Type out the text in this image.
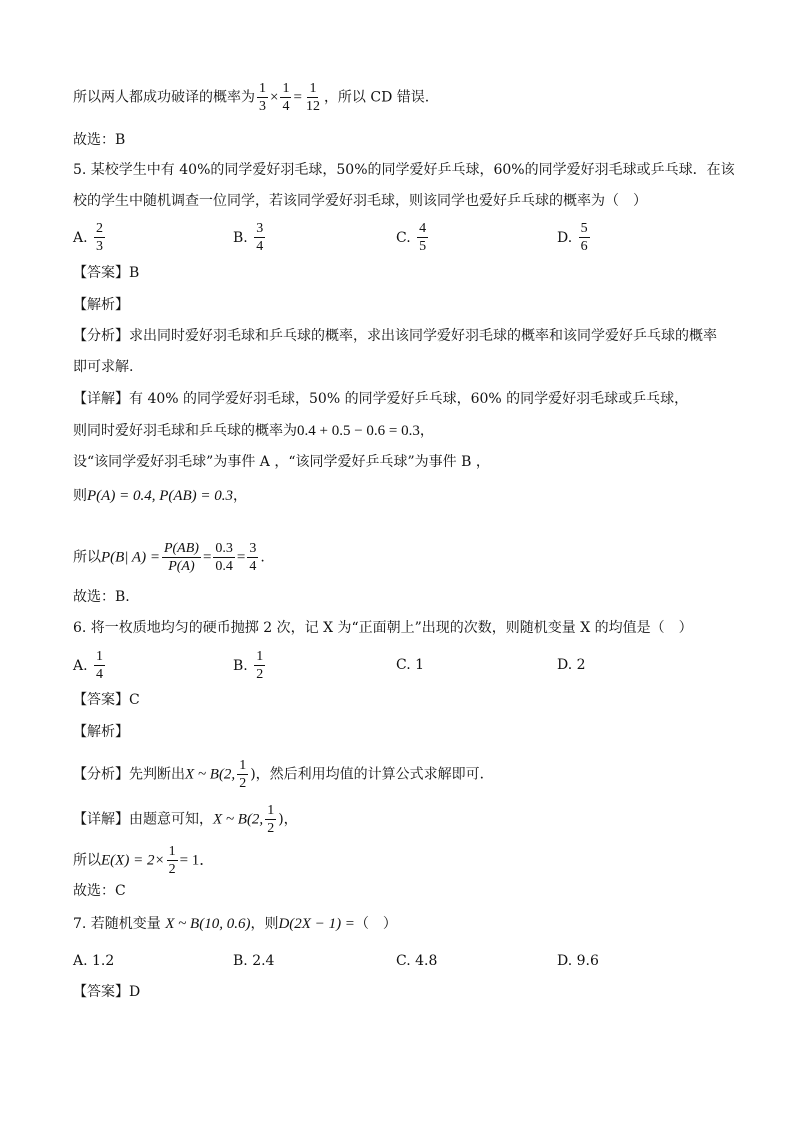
所以两人都成功破译的概率为 $\frac{1}{3} \times \frac{1}{4} = \frac{1}{12}$ ，所以 CD 错误.
故选：B
5. 某校学生中有 40%的同学爱好羽毛球，50%的同学爱好乒乓球，60%的同学爱好羽毛球或乒乓球．在该
校的学生中随机调查一位同学，若该同学爱好羽毛球，则该同学也爱好乒乓球的概率为（　）
A. $\frac{2}{3}$	B. $\frac{3}{4}$	C. $\frac{4}{5}$	D. $\frac{5}{6}$
【答案】B
【解析】
【分析】求出同时爱好羽毛球和乒乓球的概率，求出该同学爱好羽毛球的概率和该同学爱好乒乓球的概率
即可求解.
【详解】有 40% 的同学爱好羽毛球，50% 的同学爱好乒乓球，60% 的同学爱好羽毛球或乒乓球，
则同时爱好羽毛球和乒乓球的概率为0.4 + 0.5 − 0.6 = 0.3，
设“该同学爱好羽毛球”为事件 A ，“该同学爱好乒乓球”为事件 B ，
则P(A) = 0.4, P(AB) = 0.3，
所以P(B| $A) = \frac{P(AB)}{P(A)} = \frac{0.3}{0.4} = \frac{3}{4}$ .
故选：B.
6. 将一枚质地均匀的硬币抛掷 2 次，记 X 为“正面朝上”出现的次数，则随机变量 X 的均值是（　）
A. $\frac{1}{4}$	B. $\frac{1}{2}$	C. 1	D. 2
【答案】C
【解析】
【分析】先判断出X ~ B(2, $\frac{1}{2}$ )，然后利用均值的计算公式求解即可．
【详解】由题意可知，X ~ B(2, $\frac{1}{2}$ )，
所以$E(X) = 2\times \frac{1}{2} = 1$．
故选：C
7. 若随机变量 X ~ B(10, 0.6)，则D(2X − 1) =（　）
A. 1.2	B. 2.4	C. 4.8	D. 9.6
【答案】D
